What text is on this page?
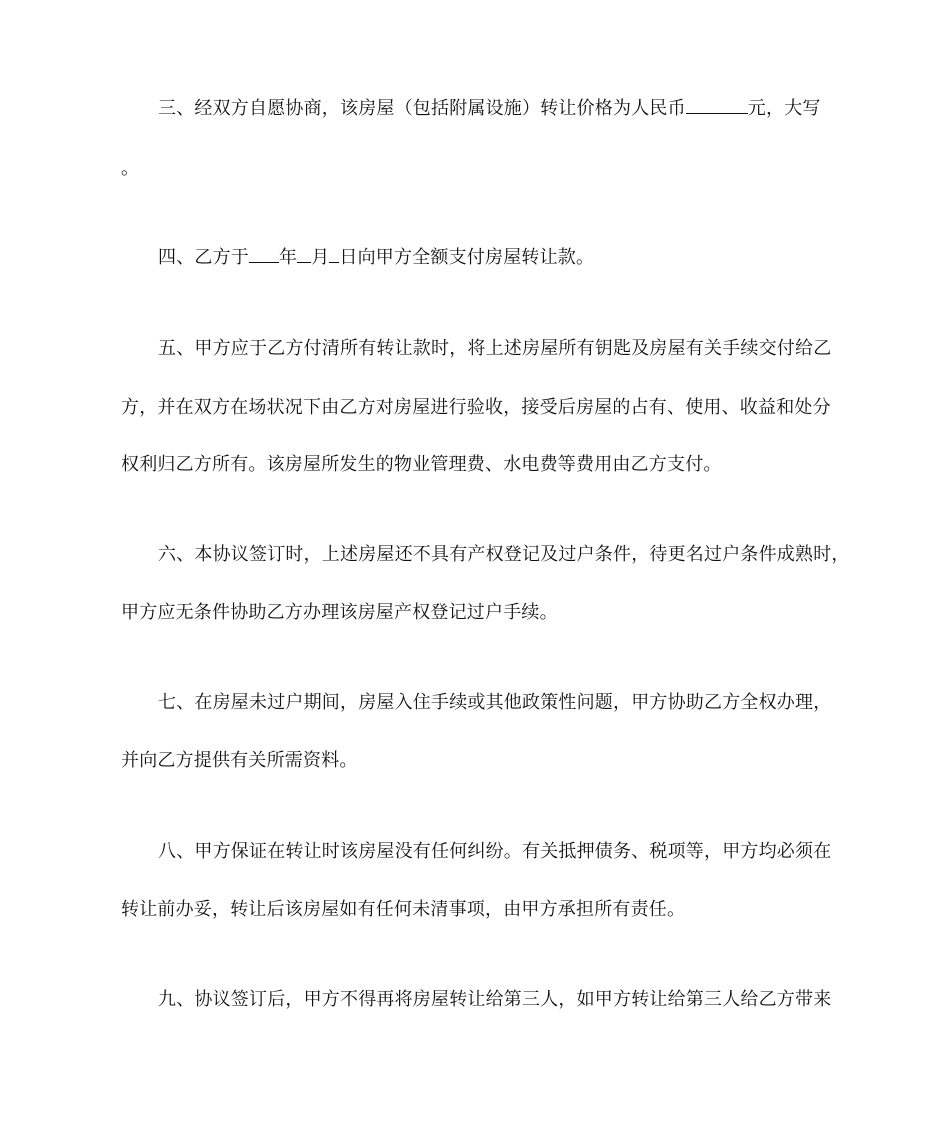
三、经双方自愿协商，该房屋（包括附属设施）转让价格为人民币	元，大写
。
四、乙方于 年 月 日向甲方全额支付房屋转让款。
五、甲方应于乙方付清所有转让款时，将上述房屋所有钥匙及房屋有关手续交付给乙
方，并在双方在场状况下由乙方对房屋进行验收，接受后房屋的占有、使用、收益和处分
权利归乙方所有。该房屋所发生的物业管理费、水电费等费用由乙方支付。
六、本协议签订时，上述房屋还不具有产权登记及过户条件，待更名过户条件成熟时，
甲方应无条件协助乙方办理该房屋产权登记过户手续。
七、在房屋未过户期间，房屋入住手续或其他政策性问题，甲方协助乙方全权办理，
并向乙方提供有关所需资料。
八、甲方保证在转让时该房屋没有任何纠纷。有关抵押债务、税项等，甲方均必须在
转让前办妥，转让后该房屋如有任何未清事项，由甲方承担所有责任。
九、协议签订后，甲方不得再将房屋转让给第三人，如甲方转让给第三人给乙方带来
